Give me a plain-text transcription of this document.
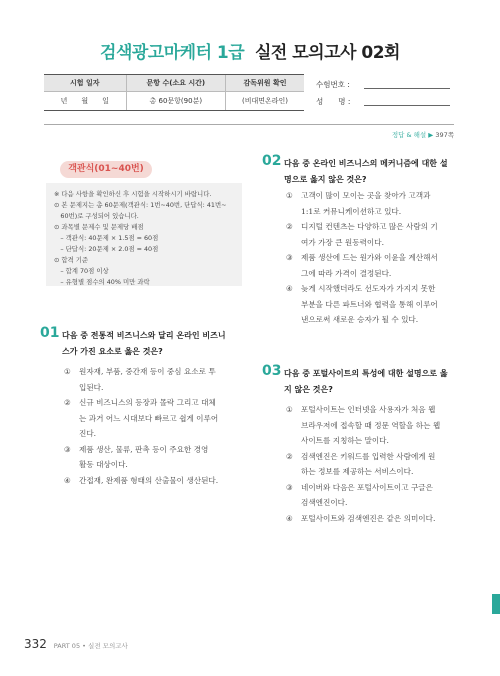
검색광고마케터 1급 실전 모의고사 02회
시험 일자	문항 수(소요 시간)	감독위원 확인
년　　월　　일	총 60문항(90분)	(비대면온라인)
수험번호 :
성　　명 :
정답 & 해설 ▶ 397쪽
객관식(01~40번)
※ 다음 사항을 확인하신 후 시험을 시작하시기 바랍니다.
⊙ 본 문제지는 총 60문제(객관식: 1번~40번, 단답식: 41번~
　60번)로 구성되어 있습니다.
⊙ 과목별 문제수 및 문제당 배점
　– 객관식: 40문제 × 1.5점 = 60점
　– 단답식: 20문제 × 2.0점 = 40점
⊙ 합격 기준
　– 합계 70점 이상
　– 유형별 점수의 40% 미만 과락
01 다음 중 전통적 비즈니스와 달리 온라인 비즈니
스가 가진 요소로 옳은 것은?
① 원자재, 부품, 중간재 등이 중심 요소로 투
입된다.
② 신규 비즈니스의 등장과 몰락 그리고 대체
는 과거 어느 시대보다 빠르고 쉽게 이루어
진다.
③ 제품 생산, 물류, 판촉 등이 주요한 경영
활동 대상이다.
④ 간접재, 완제품 형태의 산출물이 생산된다.
02 다음 중 온라인 비즈니스의 메커니즘에 대한 설
명으로 옳지 않은 것은?
① 고객이 많이 모이는 곳을 찾아가 고객과
1:1로 커뮤니케이션하고 있다.
② 디지털 컨텐츠는 다양하고 많은 사람의 기
여가 가장 큰 원동력이다.
③ 제품 생산에 드는 원가와 이윤을 계산해서
그에 따라 가격이 결정된다.
④ 늦게 시작했더라도 선도자가 가지지 못한
부분을 다른 파트너와 협력을 통해 이루어
낸으로써 새로운 승자가 될 수 있다.
03 다음 중 포털사이트의 특성에 대한 설명으로 옳
지 않은 것은?
① 포털사이트는 인터넷을 사용자가 처음 웹
브라우저에 접속할 때 정문 역할을 하는 웹
사이트를 지칭하는 말이다.
② 검색엔진은 키워드를 입력한 사람에게 원
하는 정보를 제공하는 서비스이다.
③ 네이버와 다음은 포털사이트이고 구글은
검색엔진이다.
④ 포털사이트와 검색엔진은 같은 의미이다.
332 PART 05 • 실전 모의고사
